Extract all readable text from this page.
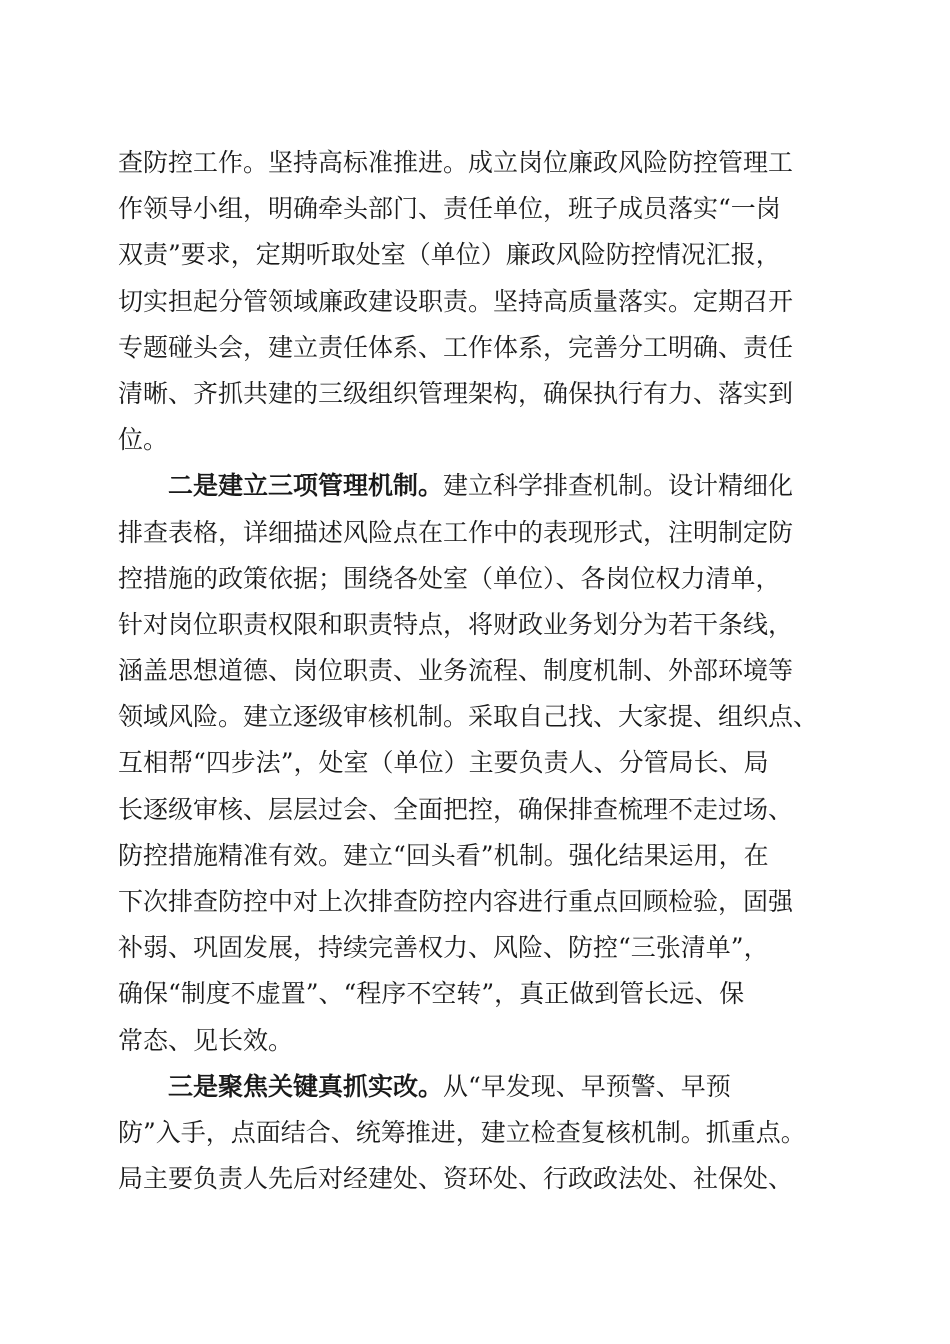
查防控工作。坚持高标准推进。成立岗位廉政风险防控管理工
作领导小组，明确牵头部门、责任单位，班子成员落实“一岗
双责”要求，定期听取处室（单位）廉政风险防控情况汇报，
切实担起分管领域廉政建设职责。坚持高质量落实。定期召开
专题碰头会，建立责任体系、工作体系，完善分工明确、责任
清晰、齐抓共建的三级组织管理架构，确保执行有力、落实到
位。
二是建立三项管理机制。建立科学排查机制。设计精细化
排查表格，详细描述风险点在工作中的表现形式，注明制定防
控措施的政策依据；围绕各处室（单位）、各岗位权力清单，
针对岗位职责权限和职责特点，将财政业务划分为若干条线，
涵盖思想道德、岗位职责、业务流程、制度机制、外部环境等
领域风险。建立逐级审核机制。采取自己找、大家提、组织点、
互相帮“四步法”，处室（单位）主要负责人、分管局长、局
长逐级审核、层层过会、全面把控，确保排查梳理不走过场、
防控措施精准有效。建立“回头看”机制。强化结果运用，在
下次排查防控中对上次排查防控内容进行重点回顾检验，固强
补弱、巩固发展，持续完善权力、风险、防控“三张清单”，
确保“制度不虚置”、“程序不空转”，真正做到管长远、保
常态、见长效。
三是聚焦关键真抓实改。从“早发现、早预警、早预
防”入手，点面结合、统筹推进，建立检查复核机制。抓重点。
局主要负责人先后对经建处、资环处、行政政法处、社保处、
